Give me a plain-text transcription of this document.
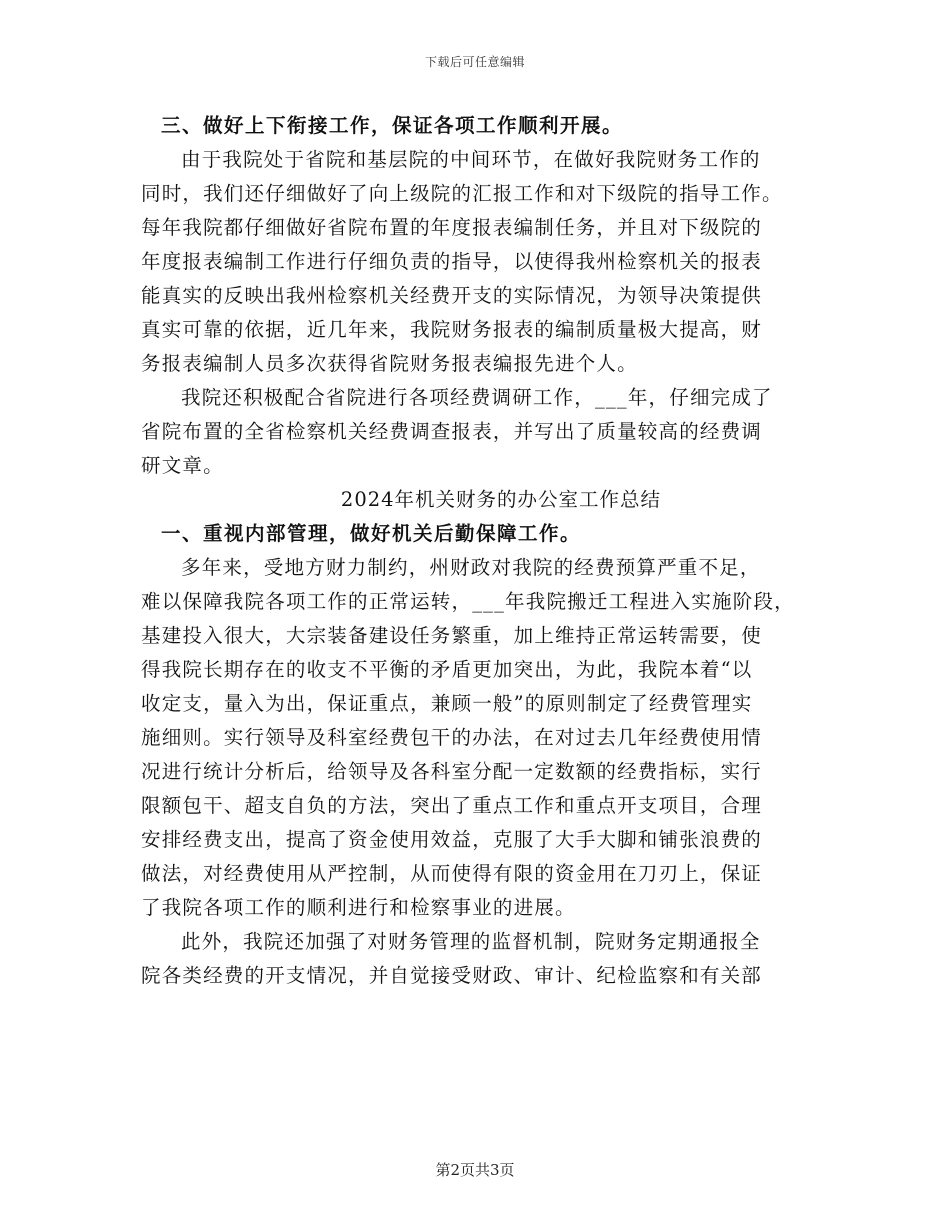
下载后可任意编辑
三、做好上下衔接工作，保证各项工作顺利开展。
由于我院处于省院和基层院的中间环节，在做好我院财务工作的
同时，我们还仔细做好了向上级院的汇报工作和对下级院的指导工作。
每年我院都仔细做好省院布置的年度报表编制任务，并且对下级院的
年度报表编制工作进行仔细负责的指导，以使得我州检察机关的报表
能真实的反映出我州检察机关经费开支的实际情况，为领导决策提供
真实可靠的依据，近几年来，我院财务报表的编制质量极大提高，财
务报表编制人员多次获得省院财务报表编报先进个人。
我院还积极配合省院进行各项经费调研工作，___年，仔细完成了
省院布置的全省检察机关经费调查报表，并写出了质量较高的经费调
研文章。
2024年机关财务的办公室工作总结
一、重视内部管理，做好机关后勤保障工作。
多年来，受地方财力制约，州财政对我院的经费预算严重不足，
难以保障我院各项工作的正常运转，___年我院搬迁工程进入实施阶段，
基建投入很大，大宗装备建设任务繁重，加上维持正常运转需要，使
得我院长期存在的收支不平衡的矛盾更加突出，为此，我院本着“以
收定支，量入为出，保证重点，兼顾一般”的原则制定了经费管理实
施细则。实行领导及科室经费包干的办法，在对过去几年经费使用情
况进行统计分析后，给领导及各科室分配一定数额的经费指标，实行
限额包干、超支自负的方法，突出了重点工作和重点开支项目，合理
安排经费支出，提高了资金使用效益，克服了大手大脚和铺张浪费的
做法，对经费使用从严控制，从而使得有限的资金用在刀刃上，保证
了我院各项工作的顺利进行和检察事业的进展。
此外，我院还加强了对财务管理的监督机制，院财务定期通报全
院各类经费的开支情况，并自觉接受财政、审计、纪检监察和有关部
第2页共3页
